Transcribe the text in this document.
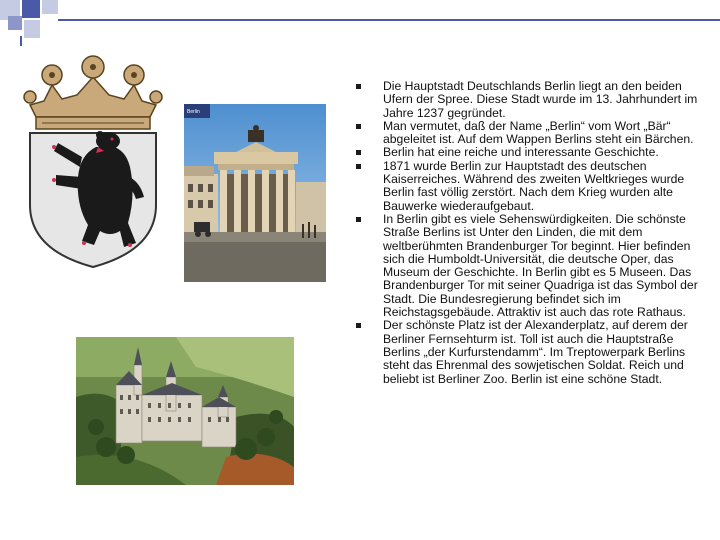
Berlin
Die Hauptstadt Deutschlands Berlin liegt an den beiden Ufern der Spree. Diese Stadt wurde im 13. Jahrhundert im Jahre 1237 gegründet.
Man vermutet, daß der Name „Berlin“ vom Wort „Bär“ abgeleitet ist. Auf dem Wappen Berlins steht ein Bärchen.
Berlin hat eine reiche und interessante Geschichte.
1871 wurde Berlin zur Hauptstadt des deutschen Kaiserreiches. Während des zweiten Weltkrieges wurde Berlin fast völlig zerstört. Nach dem Krieg wurden alte Bauwerke wiederaufgebaut.
In Berlin gibt es viele Sehenswürdigkeiten. Die schönste Straße Berlins ist Unter den Linden, die mit dem weltberühmten Brandenburger Tor beginnt. Hier befinden sich die Humboldt-Universität, die deutsche Oper, das Museum der Geschichte. In Berlin gibt es 5 Museen. Das Brandenburger Tor mit seiner Quadriga ist das Symbol der Stadt. Die Bundesregierung befindet sich im Reichstagsgebäude. Attraktiv ist auch das rote Rathaus.
Der schönste Platz ist der Alexanderplatz, auf derem der Berliner Fernsehturm ist. Toll ist auch die Hauptstraße Berlins „der Kurfurstendamm“. Im Treptowerpark Berlins steht das Ehrenmal des sowjetischen Soldat. Reich und beliebt ist Berliner Zoo. Berlin ist eine schöne Stadt.
